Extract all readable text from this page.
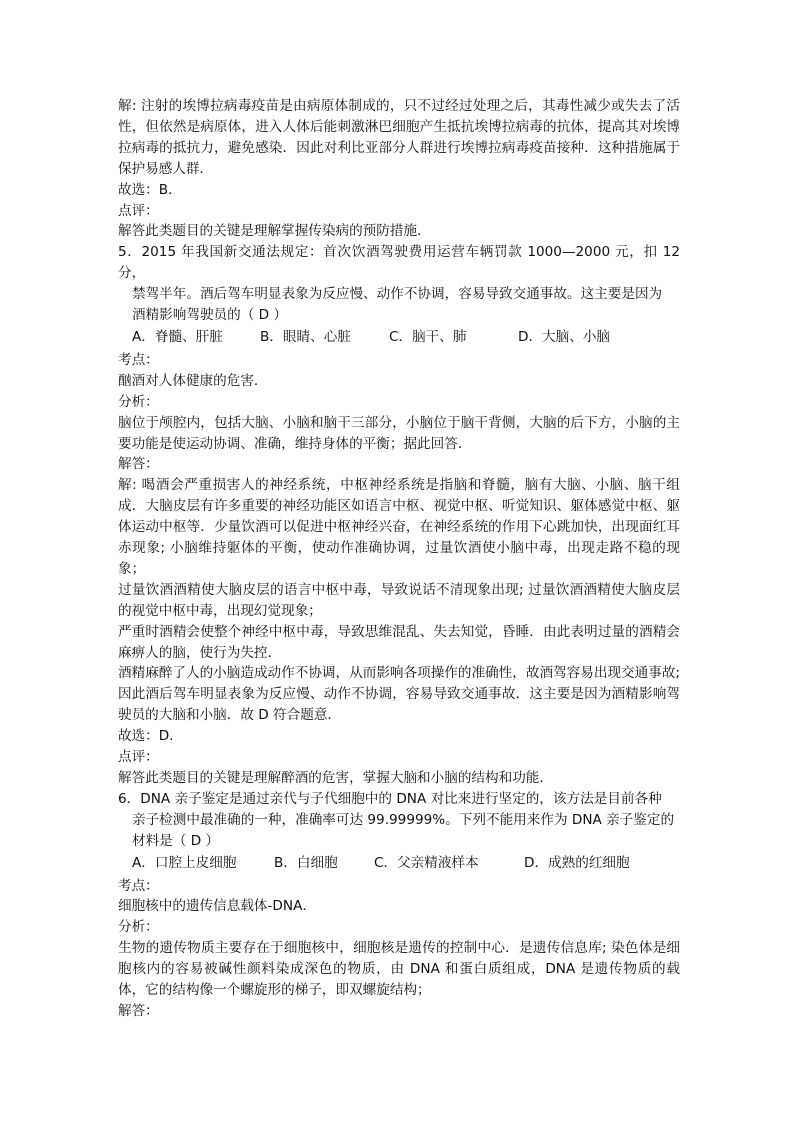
解: 注射的埃博拉病毒疫苗是由病原体制成的，只不过经过处理之后，其毒性减少或失去了活性，但依然是病原体，进入人体后能刺激淋巴细胞产生抵抗埃博拉病毒的抗体，提高其对埃博拉病毒的抵抗力，避免感染．因此对利比亚部分人群进行埃博拉病毒疫苗接种．这种措施属于保护易感人群．

故选：B．

点评：

解答此类题目的关键是理解掌握传染病的预防措施．

5．2015 年我国新交通法规定：首次饮酒驾驶费用运营车辆罚款 1000—2000 元，扣 12 分，

禁驾半年。酒后驾车明显表象为反应慢、动作不协调，容易导致交通事故。这主要是因为

酒精影响驾驶员的（ D ）

A．脊髓、肝脏	B．眼睛、心脏	C．脑干、肺	D．大脑、小脑

考点：

酗酒对人体健康的危害．

分析：

脑位于颅腔内，包括大脑、小脑和脑干三部分，小脑位于脑干背侧，大脑的后下方，小脑的主要功能是使运动协调、准确，维持身体的平衡；据此回答．

解答：

解: 喝酒会严重损害人的神经系统，中枢神经系统是指脑和脊髓，脑有大脑、小脑、脑干组成．大脑皮层有许多重要的神经功能区如语言中枢、视觉中枢、听觉知识、躯体感觉中枢、躯体运动中枢等．少量饮酒可以促进中枢神经兴奋，在神经系统的作用下心跳加快，出现面红耳赤现象; 小脑维持躯体的平衡，使动作准确协调，过量饮酒使小脑中毒，出现走路不稳的现象；

过量饮酒酒精使大脑皮层的语言中枢中毒，导致说话不清现象出现; 过量饮酒酒精使大脑皮层的视觉中枢中毒，出现幻觉现象；

严重时酒精会使整个神经中枢中毒，导致思维混乱、失去知觉，昏睡．由此表明过量的酒精会麻痹人的脑，使行为失控．

酒精麻醉了人的小脑造成动作不协调，从而影响各项操作的准确性，故酒驾容易出现交通事故; 因此酒后驾车明显表象为反应慢、动作不协调，容易导致交通事故．这主要是因为酒精影响驾驶员的大脑和小脑．故 D 符合题意．

故选：D．

点评：

解答此类题目的关键是理解醉酒的危害，掌握大脑和小脑的结构和功能．

6．DNA 亲子鉴定是通过亲代与子代细胞中的 DNA 对比来进行坚定的，该方法是目前各种

亲子检测中最准确的一种，准确率可达 99.99999%。下列不能用来作为 DNA 亲子鉴定的

材料是（ D ）

A．口腔上皮细胞	B．白细胞	C．父亲精液样本	D．成熟的红细胞

考点：

细胞核中的遗传信息载体-DNA．

分析：

生物的遗传物质主要存在于细胞核中，细胞核是遗传的控制中心．是遗传信息库; 染色体是细胞核内的容易被碱性颜料染成深色的物质，由 DNA 和蛋白质组成，DNA 是遗传物质的载体，它的结构像一个螺旋形的梯子，即双螺旋结构；

解答：
